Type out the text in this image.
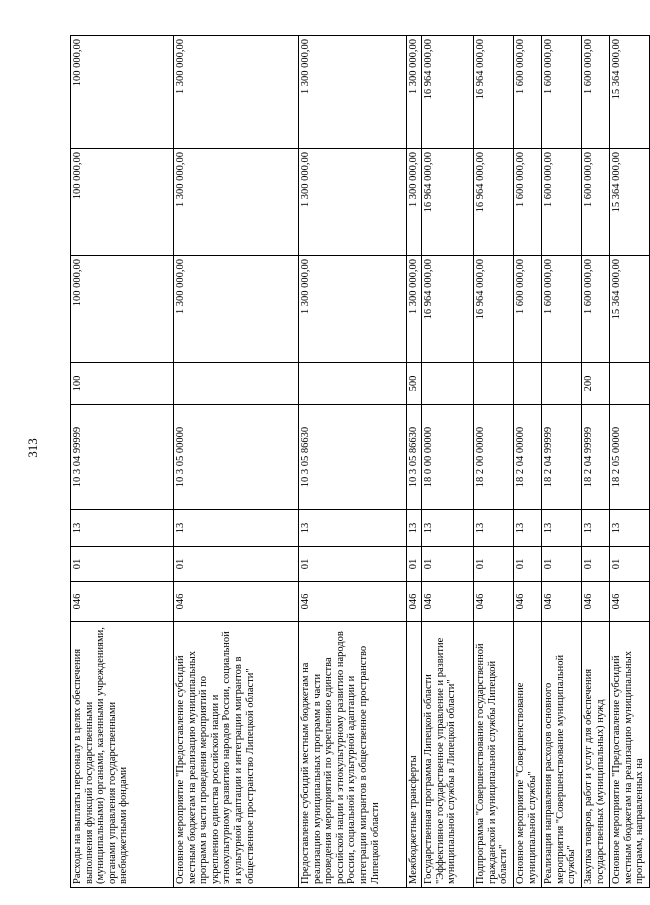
313
Расходы на выплаты персоналу в целях обеспечения выполнения функций государственными (муниципальными) органами, казенными учреждениями, органами управления государственными внебюджетными фондами	046	01	13	10 3 04 99999	100	100 000,00	100 000,00	100 000,00
Основное мероприятие "Предоставление субсидий местным бюджетам на реализацию муниципальных программ в части проведения мероприятий по укреплению единства российской нации и этнокультурному развитию народов России, социальной и культурной адаптации и интеграции мигрантов в общественное пространство Липецкой области"	046	01	13	10 3 05 00000		1 300 000,00	1 300 000,00	1 300 000,00
Предоставление субсидий местным бюджетам на реализацию муниципальных программ в части проведения мероприятий по укреплению единства российской нации и этнокультурному развитию народов России, социальной и культурной адаптации и интеграции мигрантов в общественное пространство Липецкой области	046	01	13	10 3 05 86630		1 300 000,00	1 300 000,00	1 300 000,00
Межбюджетные трансферты	046	01	13	10 3 05 86630	500	1 300 000,00	1 300 000,00	1 300 000,00
Государственная программа Липецкой области "Эффективное государственное управление и развитие муниципальной службы в Липецкой области"	046	01	13	18 0 00 00000		16 964 000,00	16 964 000,00	16 964 000,00
Подпрограмма "Совершенствование государственной гражданской и муниципальной службы Липецкой области"	046	01	13	18 2 00 00000		16 964 000,00	16 964 000,00	16 964 000,00
Основное мероприятие "Совершенствование муниципальной службы"	046	01	13	18 2 04 00000		1 600 000,00	1 600 000,00	1 600 000,00
Реализация направления расходов основного мероприятия "Совершенствование муниципальной службы"	046	01	13	18 2 04 99999		1 600 000,00	1 600 000,00	1 600 000,00
Закупка товаров, работ и услуг для обеспечения государственных (муниципальных) нужд	046	01	13	18 2 04 99999	200	1 600 000,00	1 600 000,00	1 600 000,00
Основное мероприятие "Предоставление субсидий местным бюджетам на реализацию муниципальных программ, направленных на	046	01	13	18 2 05 00000		15 364 000,00	15 364 000,00	15 364 000,00
